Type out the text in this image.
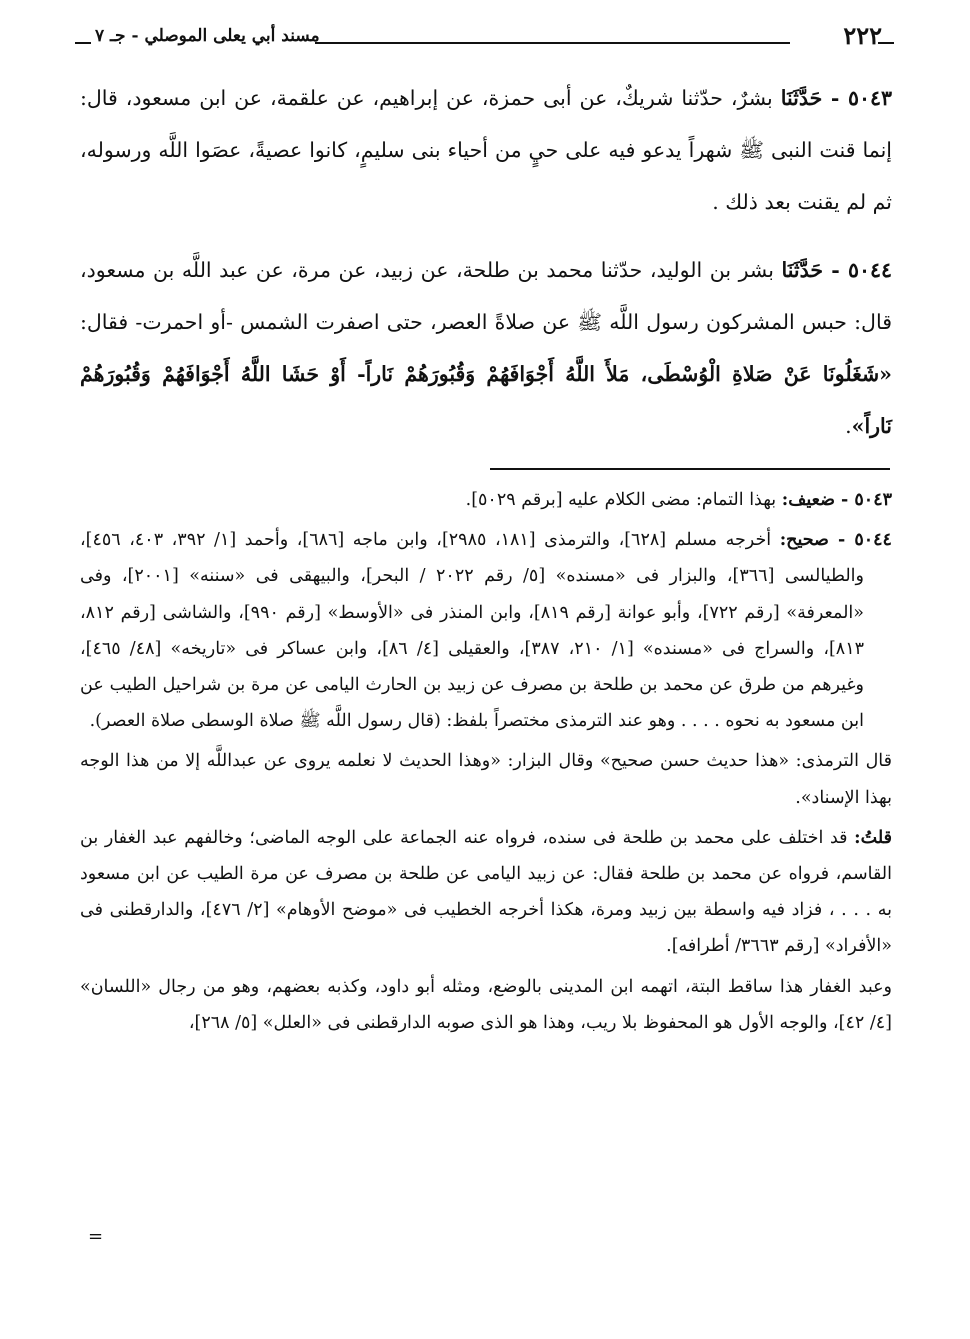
٢٢٢
مسند أبي يعلى الموصلي - جـ ٧

٥٠٤٣ - حَدَّثَنَا بشرٌ، حدّثنا شريكٌ، عن أبى حمزة، عن إبراهيم، عن علقمة، عن ابن مسعود، قال: إنما قنت النبى ﷺ شهراً يدعو فيه على حيٍ من أحياء بنى سليمٍ، كانوا عصيةً، عصَوا اللَّه ورسوله، ثم لم يقنت بعد ذلك .

٥٠٤٤ - حَدَّثَنَا بشر بن الوليد، حدّثنا محمد بن طلحة، عن زبيد، عن مرة، عن عبد اللَّه بن مسعود، قال: حبس المشركون رسول اللَّه ﷺ عن صلاةً العصر، حتى اصفرت الشمس -أو احمرت- فقال: «شَغَلُونَا عَنْ صَلاةِ الْوُسْطَى، مَلأَ اللَّهُ أَجْوَافَهُمْ وَقُبُورَهُمْ نَاراً- أَوْ حَشَا اللَّهُ أَجْوَافَهُمْ وَقُبُورَهُمْ نَاراً».

٥٠٤٣ - ضعيف: بهذا التمام: مضى الكلام عليه [برقم ٥٠٢٩].

٥٠٤٤ - صحيح: أخرجه مسلم [٦٢٨]، والترمذى [١٨١، ٢٩٨٥]، وابن ماجه [٦٨٦]، وأحمد [١/ ٣٩٢، ٤٠٣، ٤٥٦]، والطيالسى [٣٦٦]، والبزار فى «مسنده» [٥/ رقم ٢٠٢٢ / البحر]، والبيهقى فى «سننه» [٢٠٠١]، وفى «المعرفة» [رقم ٧٢٢]، وأبو عوانة [رقم ٨١٩]، وابن المنذر فى «الأوسط» [رقم ٩٩٠]، والشاشى [رقم ٨١٢، ٨١٣]، والسراج فى «مسنده» [١/ ٢١٠، ٣٨٧]، والعقيلى [٤/ ٨٦]، وابن عساكر فى «تاريخه» [٤٨/ ٤٦٥]، وغيرهم من طرق عن محمد بن طلحة بن مصرف عن زبيد بن الحارث اليامى عن مرة بن شراحيل الطيب عن ابن مسعود به نحوه . . . . وهو عند الترمذى مختصراً بلفظ: (قال رسول اللَّه ﷺ صلاة الوسطى صلاة العصر).

قال الترمذى: «هذا حديث حسن صحيح» وقال البزار: «وهذا الحديث لا نعلمه يروى عن عبداللَّه إلا من هذا الوجه بهذا الإسناد».

قلتُ: قد اختلف على محمد بن طلحة فى سنده، فرواه عنه الجماعة على الوجه الماضى؛ وخالفهم عبد الغفار بن القاسم، فرواه عن محمد بن طلحة فقال: عن زبيد اليامى عن طلحة بن مصرف عن مرة الطيب عن ابن مسعود به . . . ، فزاد فيه واسطة بين زبيد ومرة، هكذا أخرجه الخطيب فى «موضح الأوهام» [٢/ ٤٧٦]، والدارقطنى فى «الأفراد» [رقم ٣٦٦٣/ أطرافه].

وعبد الغفار هذا ساقط البتة، اتهمه ابن المدينى بالوضع، ومثله أبو داود، وكذبه بعضهم، وهو من رجال «اللسان» [٤/ ٤٢]، والوجه الأول هو المحفوظ بلا ريب، وهذا هو الذى صوبه الدارقطنى فى «العلل» [٥/ ٢٦٨]،

=
